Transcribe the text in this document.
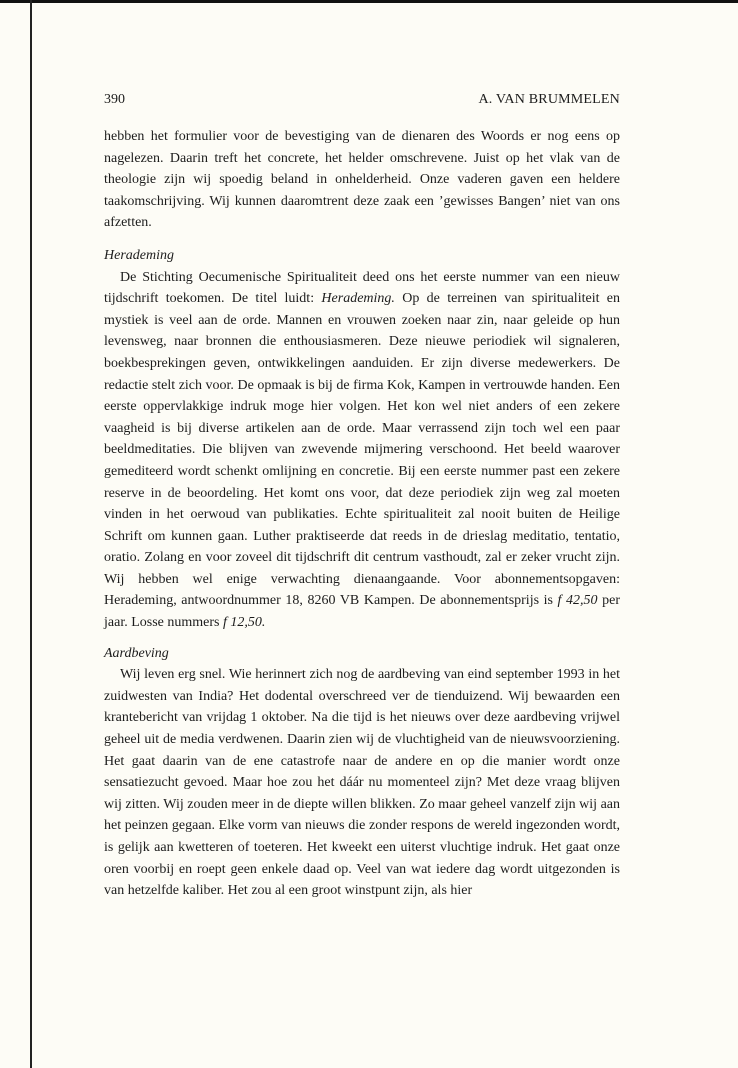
390	A. VAN BRUMMELEN

hebben het formulier voor de bevestiging van de dienaren des Woords er nog eens op nagelezen. Daarin treft het concrete, het helder omschrevene. Juist op het vlak van de theologie zijn wij spoedig beland in onhelderheid. Onze vaderen gaven een heldere taakomschrijving. Wij kunnen daaromtrent deze zaak een ’gewisses Bangen’ niet van ons afzetten.

Herademing

De Stichting Oecumenische Spiritualiteit deed ons het eerste nummer van een nieuw tijdschrift toekomen. De titel luidt: Herademing. Op de terreinen van spiritualiteit en mystiek is veel aan de orde. Mannen en vrouwen zoeken naar zin, naar geleide op hun levensweg, naar bronnen die enthousiasmeren. Deze nieuwe periodiek wil signaleren, boekbesprekingen geven, ontwikkelingen aanduiden. Er zijn diverse medewerkers. De redactie stelt zich voor. De opmaak is bij de firma Kok, Kampen in vertrouwde handen. Een eerste oppervlakkige indruk moge hier volgen. Het kon wel niet anders of een zekere vaagheid is bij diverse artikelen aan de orde. Maar verrassend zijn toch wel een paar beeldmeditaties. Die blijven van zwevende mijmering verschoond. Het beeld waarover gemediteerd wordt schenkt omlijning en concretie. Bij een eerste nummer past een zekere reserve in de beoordeling. Het komt ons voor, dat deze periodiek zijn weg zal moeten vinden in het oerwoud van publikaties. Echte spiritualiteit zal nooit buiten de Heilige Schrift om kunnen gaan. Luther praktiseerde dat reeds in de drieslag meditatio, tentatio, oratio. Zolang en voor zoveel dit tijdschrift dit centrum vasthoudt, zal er zeker vrucht zijn. Wij hebben wel enige verwachting dienaangaande. Voor abonnementsopgaven: Herademing, antwoordnummer 18, 8260 VB Kampen. De abonnementsprijs is f 42,50 per jaar. Losse nummers f 12,50.

Aardbeving

Wij leven erg snel. Wie herinnert zich nog de aardbeving van eind september 1993 in het zuidwesten van India? Het dodental overschreed ver de tienduizend. Wij bewaarden een krantebericht van vrijdag 1 oktober. Na die tijd is het nieuws over deze aardbeving vrijwel geheel uit de media verdwenen. Daarin zien wij de vluchtigheid van de nieuwsvoorziening. Het gaat daarin van de ene catastrofe naar de andere en op die manier wordt onze sensatiezucht gevoed. Maar hoe zou het dáár nu momenteel zijn? Met deze vraag blijven wij zitten. Wij zouden meer in de diepte willen blikken. Zo maar geheel vanzelf zijn wij aan het peinzen gegaan. Elke vorm van nieuws die zonder respons de wereld ingezonden wordt, is gelijk aan kwetteren of toeteren. Het kweekt een uiterst vluchtige indruk. Het gaat onze oren voorbij en roept geen enkele daad op. Veel van wat iedere dag wordt uitgezonden is van hetzelfde kaliber. Het zou al een groot winstpunt zijn, als hier
